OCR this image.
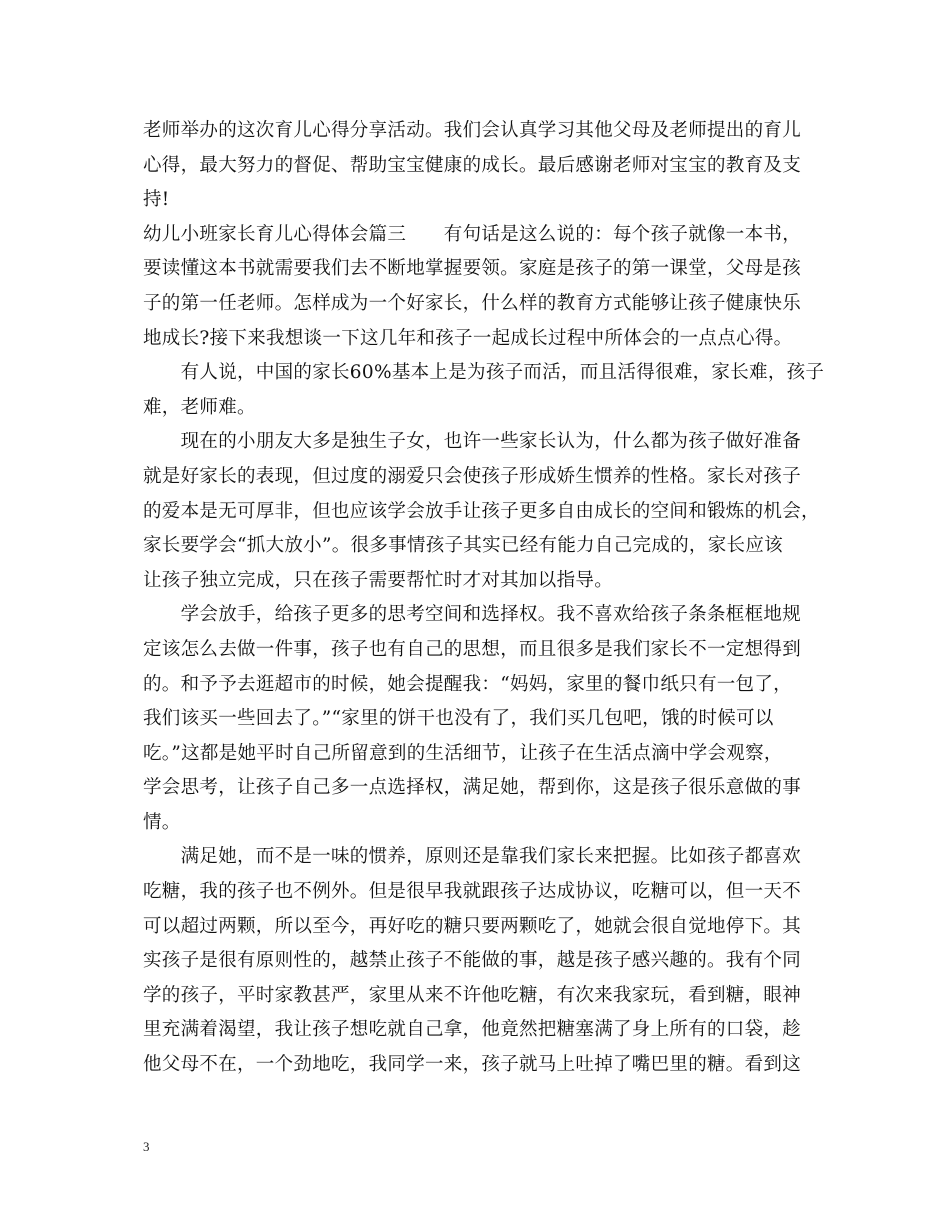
老师举办的这次育儿心得分享活动。我们会认真学习其他父母及老师提出的育儿
心得，最大努力的督促、帮助宝宝健康的成长。最后感谢老师对宝宝的教育及支
持!
幼儿小班家长育儿心得体会篇三　　有句话是这么说的：每个孩子就像一本书，
要读懂这本书就需要我们去不断地掌握要领。家庭是孩子的第一课堂，父母是孩
子的第一任老师。怎样成为一个好家长，什么样的教育方式能够让孩子健康快乐
地成长?接下来我想谈一下这几年和孩子一起成长过程中所体会的一点点心得。
　　有人说，中国的家长60%基本上是为孩子而活，而且活得很难，家长难，孩子
难，老师难。
　　现在的小朋友大多是独生子女，也许一些家长认为，什么都为孩子做好准备
就是好家长的表现，但过度的溺爱只会使孩子形成娇生惯养的性格。家长对孩子
的爱本是无可厚非，但也应该学会放手让孩子更多自由成长的空间和锻炼的机会，
家长要学会“抓大放小”。很多事情孩子其实已经有能力自己完成的，家长应该
让孩子独立完成，只在孩子需要帮忙时才对其加以指导。
　　学会放手，给孩子更多的思考空间和选择权。我不喜欢给孩子条条框框地规
定该怎么去做一件事，孩子也有自己的思想，而且很多是我们家长不一定想得到
的。和予予去逛超市的时候，她会提醒我：“妈妈，家里的餐巾纸只有一包了，
我们该买一些回去了。”“家里的饼干也没有了，我们买几包吧，饿的时候可以
吃。”这都是她平时自己所留意到的生活细节，让孩子在生活点滴中学会观察，
学会思考，让孩子自己多一点选择权，满足她，帮到你，这是孩子很乐意做的事
情。
　　满足她，而不是一味的惯养，原则还是靠我们家长来把握。比如孩子都喜欢
吃糖，我的孩子也不例外。但是很早我就跟孩子达成协议，吃糖可以，但一天不
可以超过两颗，所以至今，再好吃的糖只要两颗吃了，她就会很自觉地停下。其
实孩子是很有原则性的，越禁止孩子不能做的事，越是孩子感兴趣的。我有个同
学的孩子，平时家教甚严，家里从来不许他吃糖，有次来我家玩，看到糖，眼神
里充满着渴望，我让孩子想吃就自己拿，他竟然把糖塞满了身上所有的口袋，趁
他父母不在，一个劲地吃，我同学一来，孩子就马上吐掉了嘴巴里的糖。看到这
3
